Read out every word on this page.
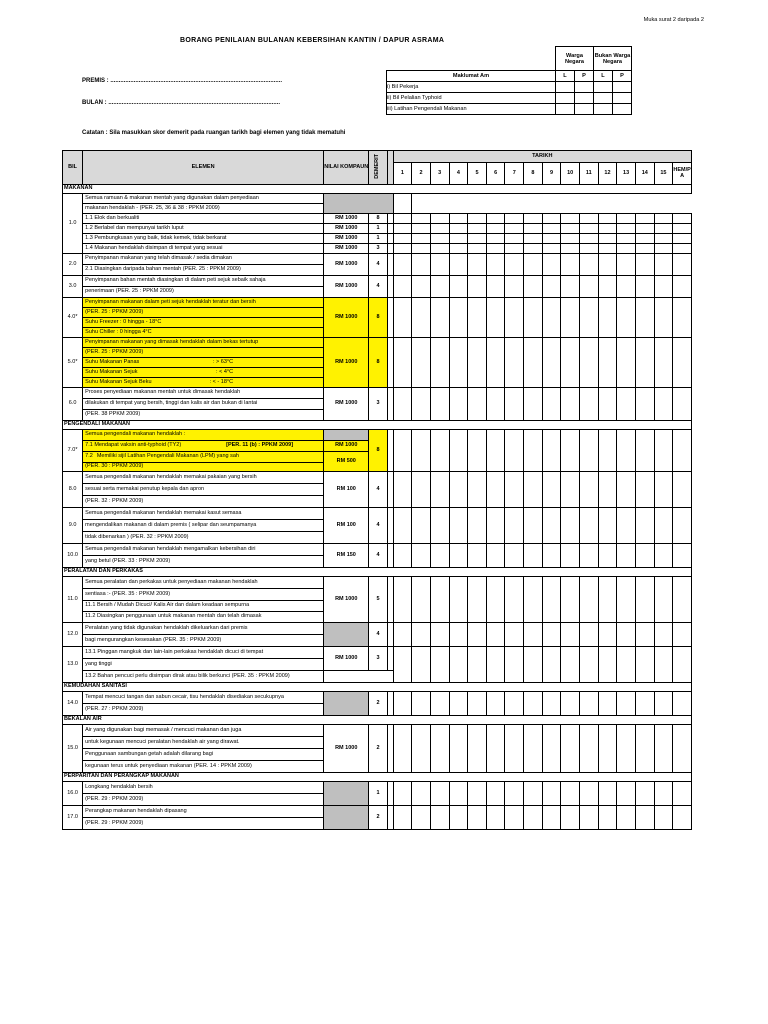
Muka surat 2 daripada 2
BORANG PENILAIAN BULANAN KEBERSIHAN KANTIN / DAPUR ASRAMA
PREMIS : .......................................................................................................
BULAN : .......................................................................................................
	Warga Negara		Bukan Warga Negara	
Maklumat Am	L	P	L	P
i) Bil Pekerja				
ii) Bil Pelalian Typhoid				
iii) Latihan Pengendali Makanan				
Catatan : Sila masukkan skor demerit pada ruangan tarikh bagi elemen yang tidak mematuhi
BIL	ELEMEN	NILAI KOMPAUN	DEMERIT		TARIKH															
					1	2	3	4	5	6	7	8	9	10	11	12	13	14	15	HEM/P A
MAKANAN																				
1.0	Semua ramuan & makanan mentah yang digunakan dalam penyediaan																			
	makanan hendaklah - (PER. 25, 36 & 38 : PPKM 2009)																			
	1.1 Elok dan berkualiti	RM 1000	8																	
	1.2 Berlabel dan mempunyai tarikh luput	RM 1000	1																	
	1.3 Pembungkusan yang baik, tidak kemek, tidak berkarat	RM 1000	1																	
	1.4 Makanan hendaklah disimpan di tempat yang sesuai	RM 1000	3																	
2.0	Penyimpanan makanan yang telah dimasak / sedia dimakan	RM 1000	4																	
	2.1 Diasingkan daripada bahan mentah (PER. 25 : PPKM 2009)																			
3.0	Penyimpanan bahan mentah diasingkan di dalam peti sejuk sebaik sahaja	RM 1000	4																	
	penerimaan (PER. 25 : PPKM 2009)																			
4.0*	Penyimpanan makanan dalam peti sejuk hendaklah teratur dan bersih	RM 1000	8																	
	(PER. 25 : PPKM 2009)																			
	Suhu Freezer : 0 hingga - 18°C																			
	Suhu Chiller : 0 hingga 4°C																			
5.0*	Penyimpanan makanan yang dimasak hendaklah dalam bekas tertutup	RM 1000	8																	
	(PER. 25 : PPKM 2009)																			
	Suhu Makanan Panas : > 63°C																			

	Suhu Makanan Sejuk : < 4°C																			

	Suhu Makanan Sejuk Beku : < - 18°C																			

6.0	Proses penyediaan makanan mentah untuk dimasak hendaklah	RM 1000	3																	
	dilakukan di tempat yang bersih, tinggi dan kalis air dan bukan di lantai																			
	(PER. 38 PPKM 2009)																			
PENGENDALI MAKANAN																				
7.0*	Semua pengendali makanan hendaklah :		8																	
	7.1 Mendapat vaksin anti-typhoid (TY2) [PER. 11 (b) : PPKM 2009]	RM 1000																		
	7.2 Memiliki sijil Latihan Pengendali Makanan (LPM) yang sah	RM 500																		
	(PER. 30 : PPKM 2009)																			
8.0	Semua pengendali makanan hendaklah memakai pakaian yang bersih	RM 100	4																	
	sesuai serta memakai penutup kepala dan apron																			
	(PER. 32 : PPKM 2009)																			
9.0	Semua pengendali makanan hendaklah memakai kasut semasa	RM 100	4																	
	mengendalikan makanan di dalam premis ( selipar dan seumpamanya																			
	tidak dibenarkan ) (PER. 32 : PPKM 2009)																			
10.0	Semua pengendali makanan hendaklah mengamalkan kebersihan diri	RM 150	4																	
	yang betul (PER. 33 : PPKM 2009)																			
PERALATAN DAN PERKAKAS																				
11.0	Semua peralatan dan perkakas untuk penyediaan makanan hendaklah	RM 1000	5																	
	sentiasa :- (PER. 35 : PPKM 2009)																			
	11.1 Bersih / Mudah Dicuci/ Kalis Air dan dalam keadaan sempurna																			
	11.2 Diasingkan penggunaan untuk makanan mentah dan telah dimasak																			
12.0	Peralatan yang tidak digunakan hendaklah dikeluarkan dari premis		4																	
	bagi mengurangkan kesesakan (PER. 35 : PPKM 2009)																			
13.0	13.1 Pinggan mangkuk dan lain-lain perkakas hendaklah dicuci di tempat	RM 1000	3																	
	yang tinggi																			
	13.2 Bahan pencuci perlu disimpan dirak atau bilik berkunci (PER. 35 : PPKM 2009)																			
KEMUDAHAN SANITASI																				
14.0	Tempat mencuci tangan dan sabun cecair, tisu hendaklah disediakan secukupnya		2																	
	(PER. 27 : PPKM 2009)																			
BEKALAN AIR																				
15.0	Air yang digunakan bagi memasak / mencuci makanan dan juga	RM 1000	2																	
	untuk kegunaan mencuci peralatan hendaklah air yang dirawat.																			
	Penggunaan sambungan getah adalah dilarang bagi																			
	kegunaan terus untuk penyediaan makanan (PER. 14 : PPKM 2009)																			
PERPARITAN DAN PERANGKAP MAKANAN																				
16.0	Longkang hendaklah bersih		1																	
	(PER. 29 : PPKM 2009)																			
17.0	Perangkap makanan hendaklah dipasang		2																	
	(PER. 29 : PPKM 2009)																			
